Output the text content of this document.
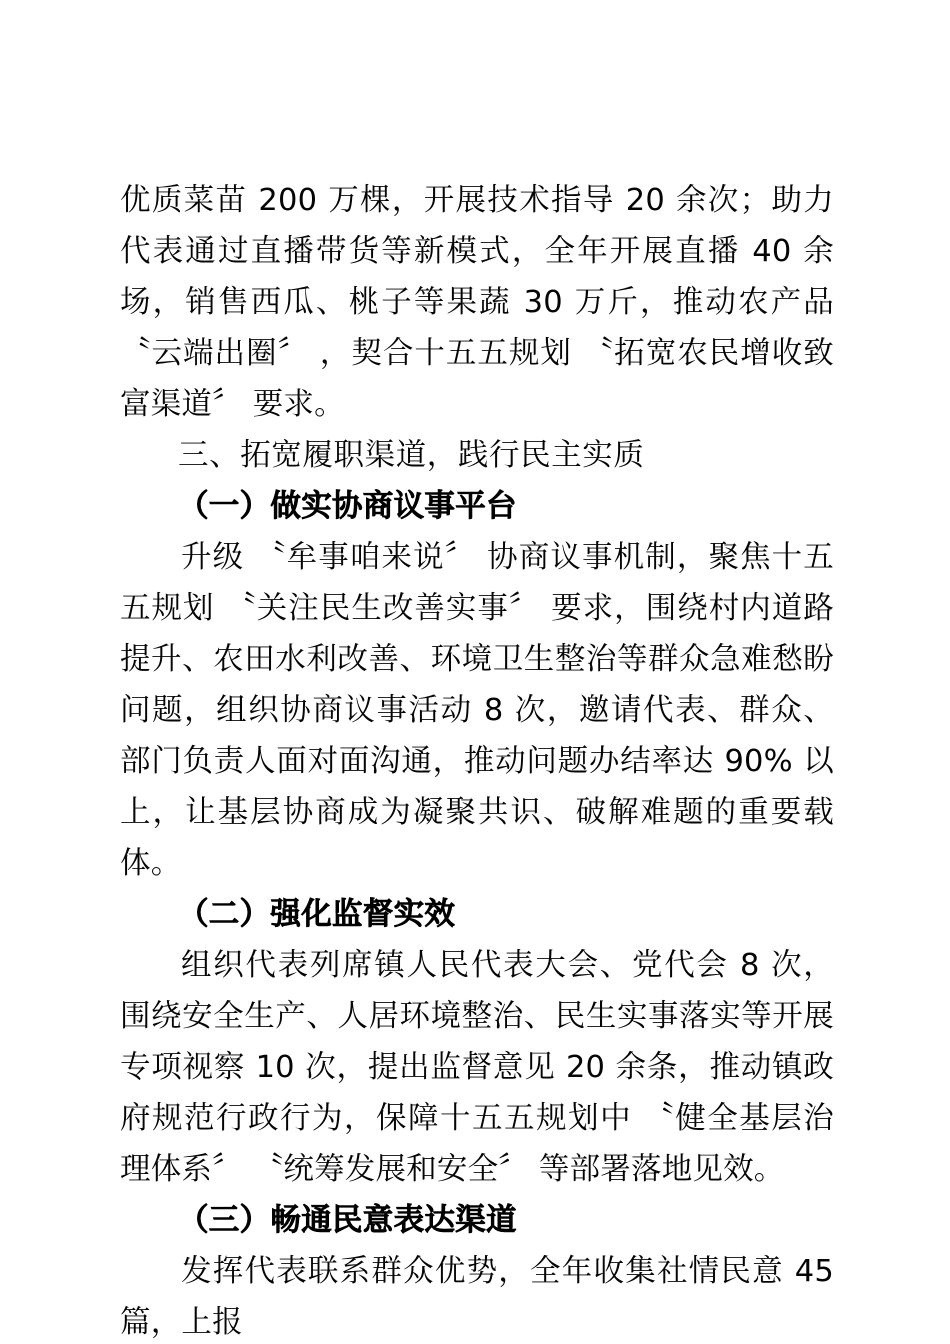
优质菜苗 200 万棵，开展技术指导 20 余次；助力代表通过直播带货等新模式，全年开展直播 40 余场，销售西瓜、桃子等果蔬 30 万斤，推动农产品 〝云端出圈〞 ，契合十五五规划 〝拓宽农民增收致富渠道〞 要求。

三、拓宽履职渠道，践行民主实质

（一）做实协商议事平台

升级 〝牟事咱来说〞 协商议事机制，聚焦十五五规划 〝关注民生改善实事〞 要求，围绕村内道路提升、农田水利改善、环境卫生整治等群众急难愁盼问题，组织协商议事活动 8 次，邀请代表、群众、部门负责人面对面沟通，推动问题办结率达 90% 以上，让基层协商成为凝聚共识、破解难题的重要载体。

（二）强化监督实效

组织代表列席镇人民代表大会、党代会 8 次，围绕安全生产、人居环境整治、民生实事落实等开展专项视察 10 次，提出监督意见 20 余条，推动镇政府规范行政行为，保障十五五规划中 〝健全基层治理体系〞 〝统筹发展和安全〞 等部署落地见效。

（三）畅通民意表达渠道

发挥代表联系群众优势，全年收集社情民意 45 篇，上报
